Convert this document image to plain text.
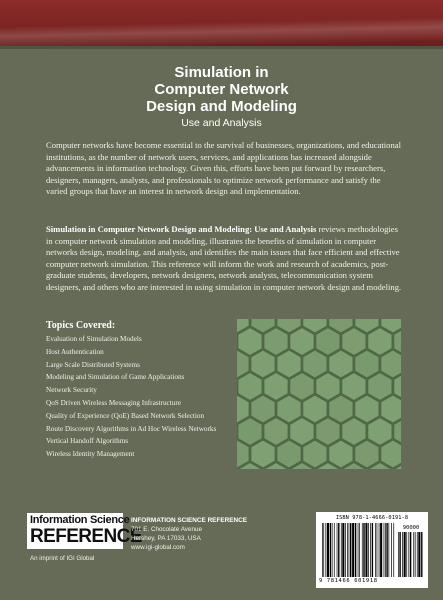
Simulation in
Computer Network
Design and Modeling
Use and Analysis

Computer networks have become essential to the survival of businesses, organizations, and educational institutions, as the number of network users, services, and applications has increased alongside advancements in information technology. Given this, efforts have been put forward by researchers, designers, managers, analysts, and professionals to optimize network performance and satisfy the varied groups that have an interest in network design and implementation.

Simulation in Computer Network Design and Modeling: Use and Analysis reviews methodologies in computer network simulation and modeling, illustrates the benefits of simulation in computer networks design, modeling, and analysis, and identifies the main issues that face efficient and effective computer network simulation. This reference will inform the work and research of academics, post-graduate students, developers, network designers, network analysts, telecommunication system designers, and others who are interested in using simulation in computer network design and modeling.

Topics Covered:
Evaluation of Simulation Models
Host Authentication
Large Scale Distributed Systems
Modeling and Simulation of Game Applications
Network Security
QoS Driven Wireless Messaging Infrastructure
Quality of Experience (QoE) Based Network Selection
Route Discovery Algorithms in Ad Hoc Wireless Networks
Vertical Handoff Algorithms
Wireless Identity Management
Information Science
REFERENCE
An imprint of IGI Global
INFORMATION SCIENCE REFERENCE
701 E. Chocolate Avenue
Hershey, PA 17033, USA
www.igi-global.com
ISBN 978-1-4666-0191-8
90000
9 781466 601918
